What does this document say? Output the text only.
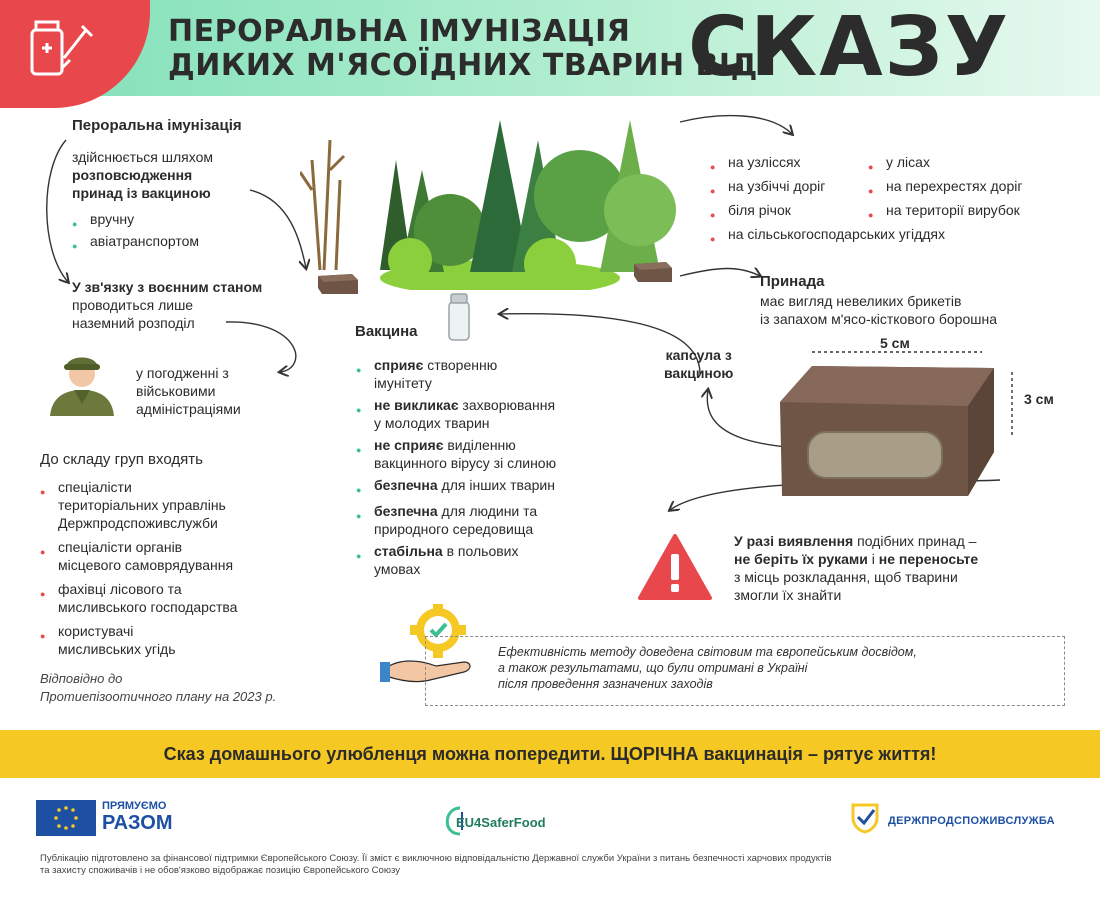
ПЕРОРАЛЬНА ІМУНІЗАЦІЯ
ДИКИХ М'ЯСОЇДНИХ ТВАРИН ВІД
СКАЗУ
Пероральна імунізація
здійснюється шляхом
розповсюдження
принад із вакциною
● вручну
● авіатранспортом
У зв'язку з воєнним станом
проводиться лише
наземний розподіл
у погодженні з
військовими
адміністраціями
До складу груп входять
● спеціалісти
територіальних управлінь
Держпродспоживслужби
● спеціалісти органів
місцевого самоврядування
● фахівці лісового та
мисливського господарства
● користувачі
мисливських угідь
Відповідно до
Протиепізоотичного плану на 2023 р.
● на узліссях
● на узбіччі доріг
● біля річок
● на сільськогосподарських угіддях
● у лісах
● на перехрестях доріг
● на території вирубок
Принада
має вигляд невеликих брикетів
із запахом м'ясо-кісткового борошна
Вакцина
● сприяє створенню
імунітету
● не викликає захворювання
у молодих тварин
● не сприяє виділенню
вакцинного вірусу зі слиною
● безпечна для інших тварин
● безпечна для людини та
природного середовища
● стабільна в польових
умовах
капсула з
вакциною
5 см
3 см
У разі виявлення подібних принад –
не беріть їх руками і не переносьте
з місць розкладання, щоб тварини
змогли їх знайти
Ефективність методу доведена світовим та європейським досвідом,
а також результатами, що були отримані в Україні
після проведення зазначених заходів
Сказ домашнього улюбленця можна попередити. ЩОРІЧНА вакцинація – рятує життя!
ПРЯМУЄМО
РАЗОМ	EU4SaferFood	ДЕРЖПРОДСПОЖИВСЛУЖБА
Публікацію підготовлено за фінансової підтримки Європейського Союзу. Її зміст є виключною відповідальністю Державної служби України з питань безпечності харчових продуктів
та захисту споживачів і не обов'язково відображає позицію Європейського Союзу
